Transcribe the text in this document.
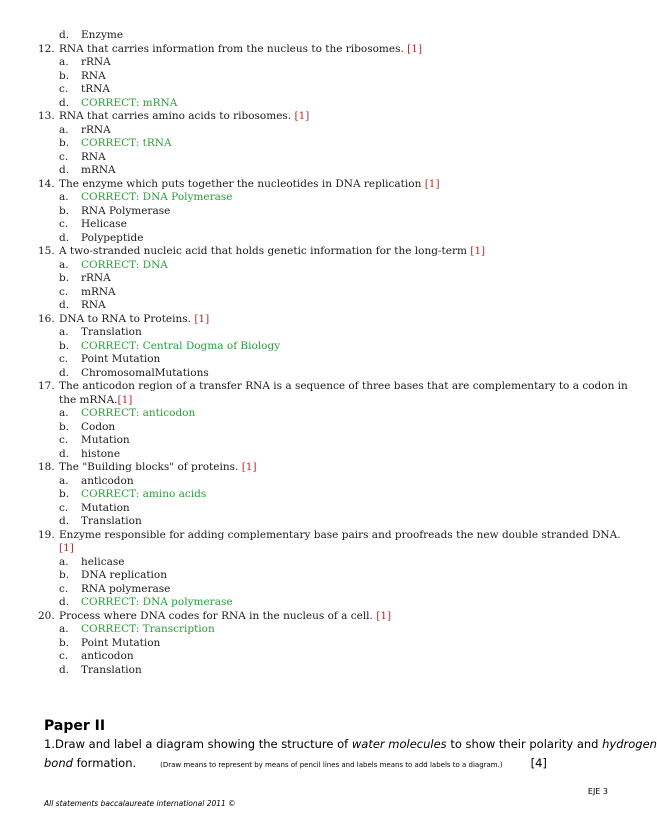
d.	Enzyme
12. RNA that carries information from the nucleus to the ribosomes. [1]
a.	rRNA
b.	RNA
c.	tRNA
d.	CORRECT: mRNA
13. RNA that carries amino acids to ribosomes. [1]
a.	rRNA
b.	CORRECT: tRNA
c.	RNA
d.	mRNA
14. The enzyme which puts together the nucleotides in DNA replication [1]
a.	CORRECT: DNA Polymerase
b.	RNA Polymerase
c.	Helicase
d.	Polypeptide
15. A two-stranded nucleic acid that holds genetic information for the long-term [1]
a.	CORRECT: DNA
b.	rRNA
c.	mRNA
d.	RNA
16. DNA to RNA to Proteins. [1]
a.	Translation
b.	CORRECT: Central Dogma of Biology
c.	Point Mutation
d.	ChromosomalMutations
17. The anticodon region of a transfer RNA is a sequence of three bases that are complementary to a codon in
the mRNA. [1]
a.	CORRECT: anticodon
b.	Codon
c.	Mutation
d.	histone
18. The "Building blocks" of proteins. [1]
a.	anticodon
b.	CORRECT: amino acids
c.	Mutation
d.	Translation
19. Enzyme responsible for adding complementary base pairs and proofreads the new double stranded DNA.
[1]
a.	helicase
b.	DNA replication
c.	RNA polymerase
d.	CORRECT: DNA polymerase
20. Process where DNA codes for RNA in the nucleus of a cell. [1]
a.	CORRECT: Transcription
b.	Point Mutation
c.	anticodon
d.	Translation
Paper II
1.Draw and label a diagram showing the structure of water molecules to show their polarity and hydrogen
bond formation.	(Draw means to represent by means of pencil lines and labels means to add labels to a diagram.) [4]
EJE 3
All statements baccalaureate international 2011 ©
